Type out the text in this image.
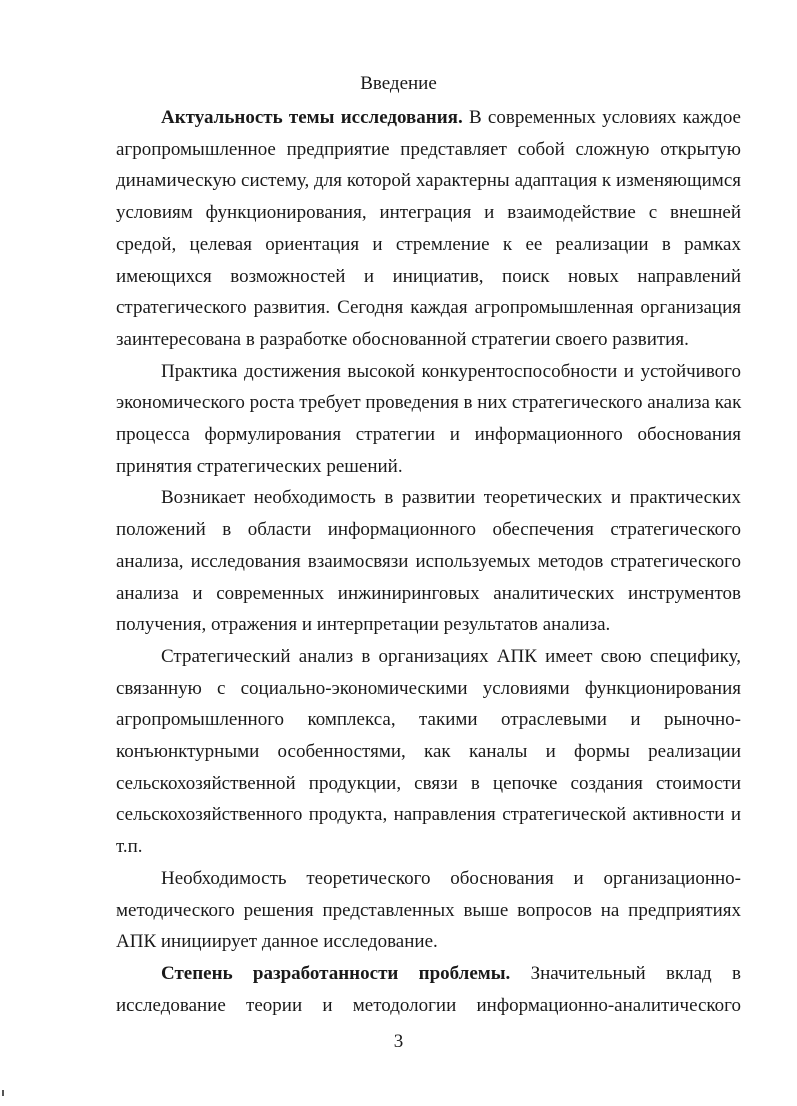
Введение
Актуальность темы исследования. В современных условиях каждое
агропромышленное предприятие представляет собой сложную открытую
динамическую систему, для которой характерны адаптация к изменяющимся
условиям функционирования, интеграция и взаимодействие с внешней
средой, целевая ориентация и стремление к ее реализации в рамках
имеющихся возможностей и инициатив, поиск новых направлений
стратегического развития. Сегодня каждая агропромышленная организация
заинтересована в разработке обоснованной стратегии своего развития.
Практика достижения высокой конкурентоспособности и устойчивого
экономического роста требует проведения в них стратегического анализа как
процесса формулирования стратегии и информационного обоснования
принятия стратегических решений.
Возникает необходимость в развитии теоретических и практических
положений в области информационного обеспечения стратегического
анализа, исследования взаимосвязи используемых методов стратегического
анализа и современных инжиниринговых аналитических инструментов
получения, отражения и интерпретации результатов анализа.
Стратегический анализ в организациях АПК имеет свою специфику,
связанную с социально-экономическими условиями функционирования
агропромышленного комплекса, такими отраслевыми и рыночно-
конъюнктурными особенностями, как каналы и формы реализации
сельскохозяйственной продукции, связи в цепочке создания стоимости
сельскохозяйственного продукта, направления стратегической активности и
т.п.
Необходимость теоретического обоснования и организационно-
методического решения представленных выше вопросов на предприятиях
АПК инициирует данное исследование.
Степень разработанности проблемы. Значительный вклад в
исследование теории и методологии информационно-аналитического
3
